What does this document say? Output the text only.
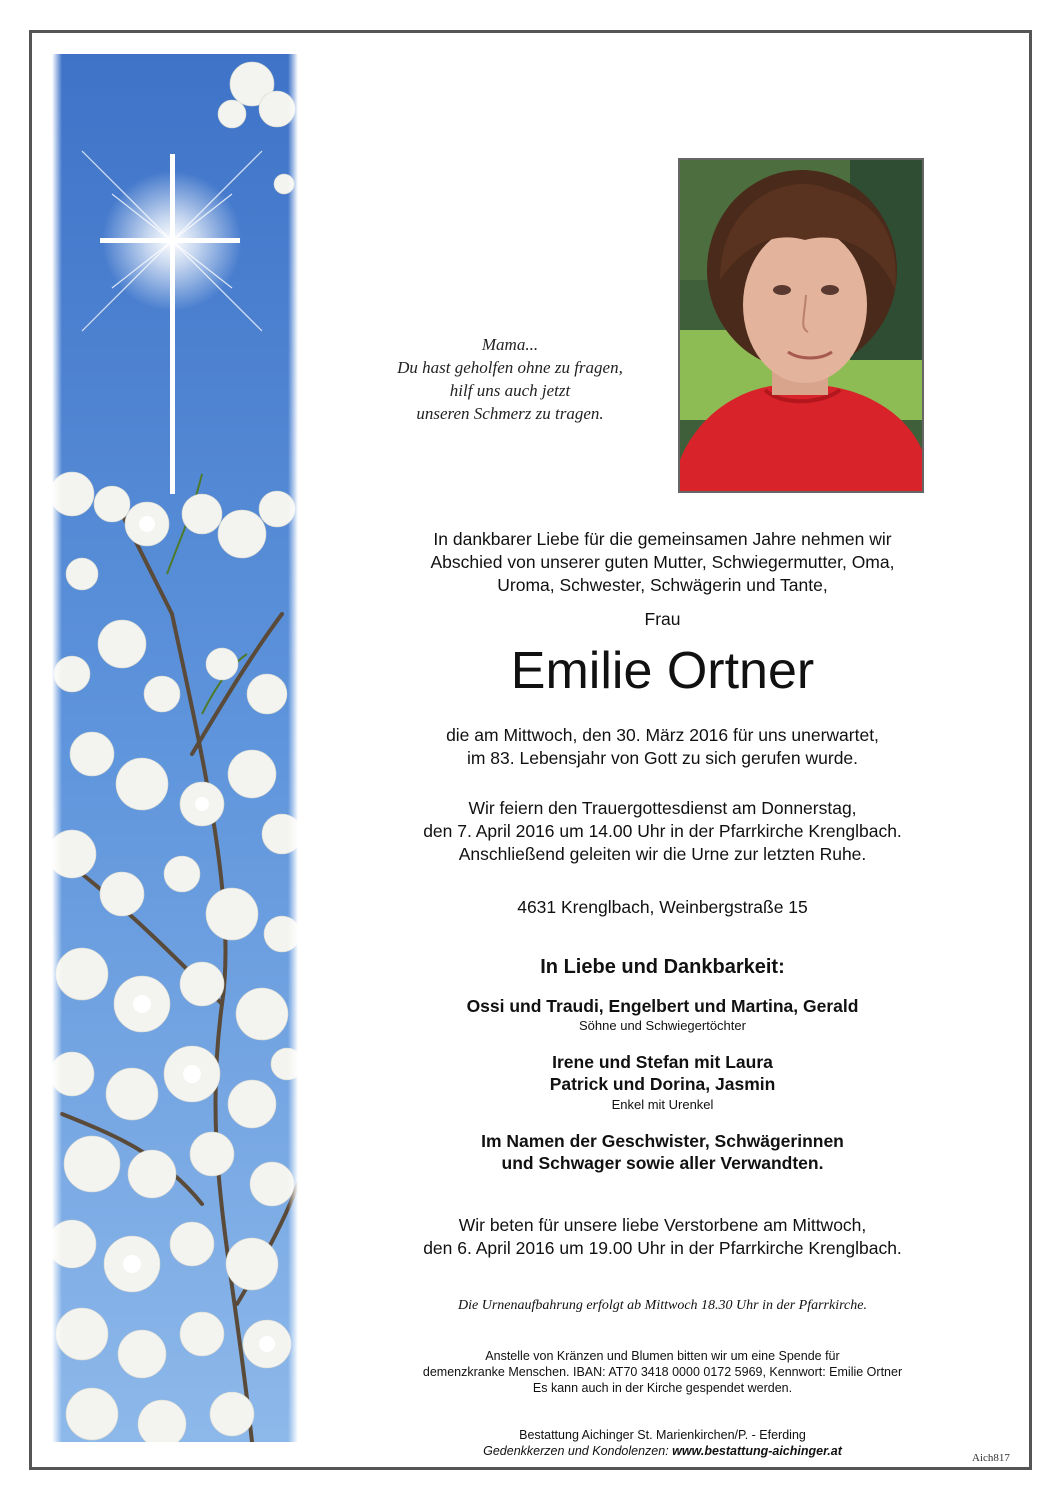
Mama...
Du hast geholfen ohne zu fragen,
hilf uns auch jetzt
unseren Schmerz zu tragen.
In dankbarer Liebe für die gemeinsamen Jahre nehmen wir
Abschied von unserer guten Mutter, Schwiegermutter, Oma,
Uroma, Schwester, Schwägerin und Tante,
Frau
Emilie Ortner
die am Mittwoch, den 30. März 2016 für uns unerwartet,
im 83. Lebensjahr von Gott zu sich gerufen wurde.
Wir feiern den Trauergottesdienst am Donnerstag,
den 7. April 2016 um 14.00 Uhr in der Pfarrkirche Krenglbach.
Anschließend geleiten wir die Urne zur letzten Ruhe.
4631 Krenglbach, Weinbergstraße 15
In Liebe und Dankbarkeit:
Ossi und Traudi, Engelbert und Martina, Gerald
Söhne und Schwiegertöchter
Irene und Stefan mit Laura
Patrick und Dorina, Jasmin
Enkel mit Urenkel
Im Namen der Geschwister, Schwägerinnen
und Schwager sowie aller Verwandten.
Wir beten für unsere liebe Verstorbene am Mittwoch,
den 6. April 2016 um 19.00 Uhr in der Pfarrkirche Krenglbach.
Die Urnenaufbahrung erfolgt ab Mittwoch 18.30 Uhr in der Pfarrkirche.
Anstelle von Kränzen und Blumen bitten wir um eine Spende für
demenzkranke Menschen. IBAN: AT70 3418 0000 0172 5969, Kennwort: Emilie Ortner
Es kann auch in der Kirche gespendet werden.
Bestattung Aichinger St. Marienkirchen/P. - Eferding
Gedenkkerzen und Kondolenzen: www.bestattung-aichinger.at	Aich817
